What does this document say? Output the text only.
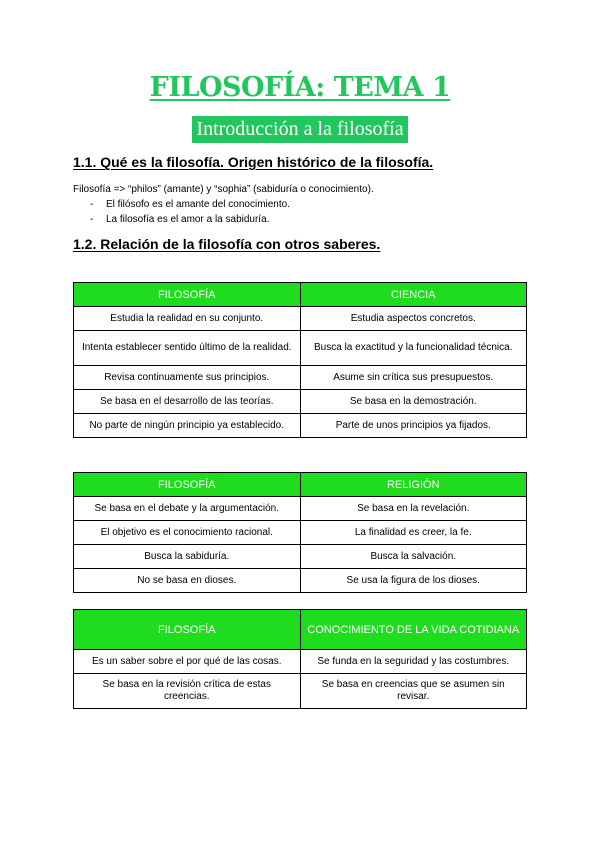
FILOSOFÍA: TEMA 1
Introducción a la filosofía
1.1. Qué es la filosofía. Origen histórico de la filosofía.
Filosofía => “philos” (amante) y “sophia” (sabiduría o conocimiento).
- El filósofo es el amante del conocimiento.
- La filosofía es el amor a la sabiduría.
1.2. Relación de la filosofía con otros saberes.
FILOSOFÍA	CIENCIA
Estudia la realidad en su conjunto.	Estudia aspectos concretos.
Intenta establecer sentido último de la realidad.	Busca la exactitud y la funcionalidad técnica.
Revisa continuamente sus principios.	Asume sin crítica sus presupuestos.
Se basa en el desarrollo de las teorías.	Se basa en la demostración.
No parte de ningún principio ya establecido.	Parte de unos principios ya fijados.
FILOSOFÍA	RELIGIÓN
Se basa en el debate y la argumentación.	Se basa en la revelación.
El objetivo es el conocimiento racional.	La finalidad es creer, la fe.
Busca la sabiduría.	Busca la salvación.
No se basa en dioses.	Se usa la figura de los dioses.
FILOSOFÍA	CONOCIMIENTO DE LA VIDA COTIDIANA
Es un saber sobre el por qué de las cosas.	Se funda en la seguridad y las costumbres.
Se basa en la revisión crítica de estas creencias.	Se basa en creencias que se asumen sin revisar.
